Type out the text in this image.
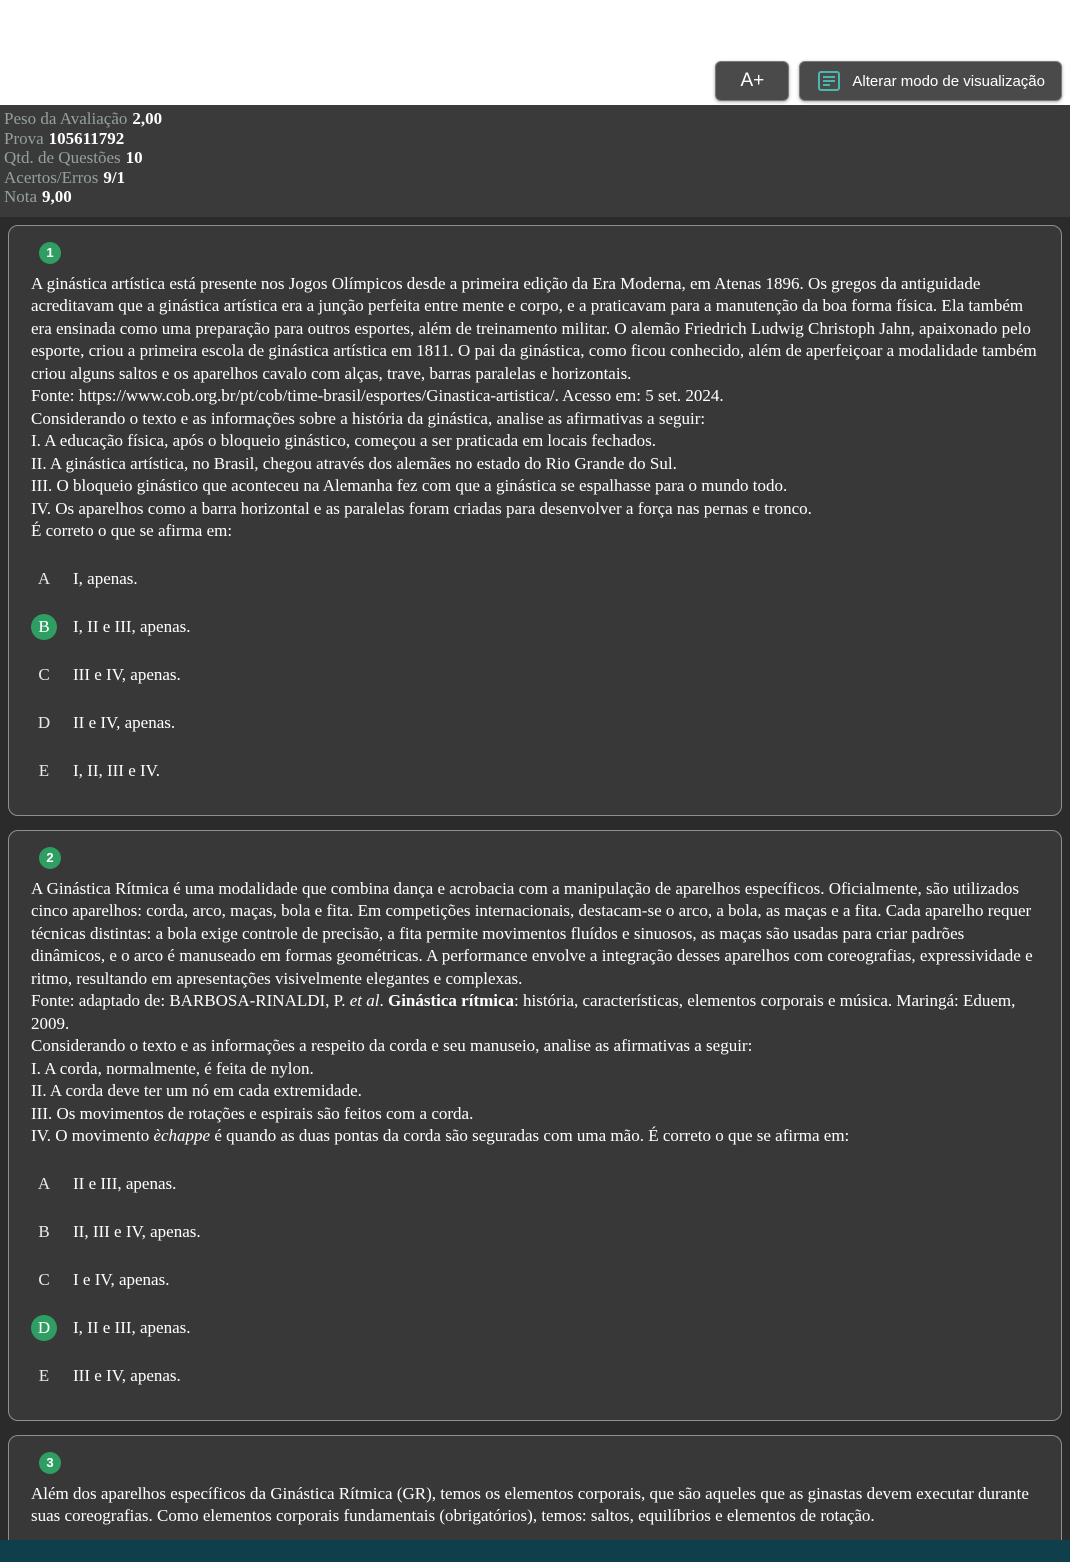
A+	Alterar modo de visualização
Peso da Avaliação 2,00
Prova 105611792
Qtd. de Questões 10
Acertos/Erros 9/1
Nota 9,00
1

A ginástica artística está presente nos Jogos Olímpicos desde a primeira edição da Era Moderna, em Atenas 1896. Os gregos da antiguidade acreditavam que a ginástica artística era a junção perfeita entre mente e corpo, e a praticavam para a manutenção da boa forma física. Ela também era ensinada como uma preparação para outros esportes, além de treinamento militar. O alemão Friedrich Ludwig Christoph Jahn, apaixonado pelo esporte, criou a primeira escola de ginástica artística em 1811. O pai da ginástica, como ficou conhecido, além de aperfeiçoar a modalidade também criou alguns saltos e os aparelhos cavalo com alças, trave, barras paralelas e horizontais.

Fonte: https://www.cob.org.br/pt/cob/time-brasil/esportes/Ginastica-artistica/. Acesso em: 5 set. 2024.

Considerando o texto e as informações sobre a história da ginástica, analise as afirmativas a seguir:

I. A educação física, após o bloqueio ginástico, começou a ser praticada em locais fechados.

II. A ginástica artística, no Brasil, chegou através dos alemães no estado do Rio Grande do Sul.

III. O bloqueio ginástico que aconteceu na Alemanha fez com que a ginástica se espalhasse para o mundo todo.

IV. Os aparelhos como a barra horizontal e as paralelas foram criadas para desenvolver a força nas pernas e tronco.

É correto o que se afirma em:

A	I, apenas.
B	I, II e III, apenas.
C	III e IV, apenas.
D	II e IV, apenas.
E	I, II, III e IV.
2

A Ginástica Rítmica é uma modalidade que combina dança e acrobacia com a manipulação de aparelhos específicos. Oficialmente, são utilizados cinco aparelhos: corda, arco, maças, bola e fita. Em competições internacionais, destacam-se o arco, a bola, as maças e a fita. Cada aparelho requer técnicas distintas: a bola exige controle de precisão, a fita permite movimentos fluídos e sinuosos, as maças são usadas para criar padrões dinâmicos, e o arco é manuseado em formas geométricas. A performance envolve a integração desses aparelhos com coreografias, expressividade e ritmo, resultando em apresentações visivelmente elegantes e complexas.

Fonte: adaptado de: BARBOSA-RINALDI, P. et al. Ginástica rítmica: história, características, elementos corporais e música. Maringá: Eduem, 2009.

Considerando o texto e as informações a respeito da corda e seu manuseio, analise as afirmativas a seguir:

I. A corda, normalmente, é feita de nylon.

II. A corda deve ter um nó em cada extremidade.

III. Os movimentos de rotações e espirais são feitos com a corda.

IV. O movimento èchappe é quando as duas pontas da corda são seguradas com uma mão. É correto o que se afirma em:

A	II e III, apenas.
B	II, III e IV, apenas.
C	I e IV, apenas.
D	I, II e III, apenas.
E	III e IV, apenas.
3

Além dos aparelhos específicos da Ginástica Rítmica (GR), temos os elementos corporais, que são aqueles que as ginastas devem executar durante suas coreografias. Como elementos corporais fundamentais (obrigatórios), temos: saltos, equilíbrios e elementos de rotação.
